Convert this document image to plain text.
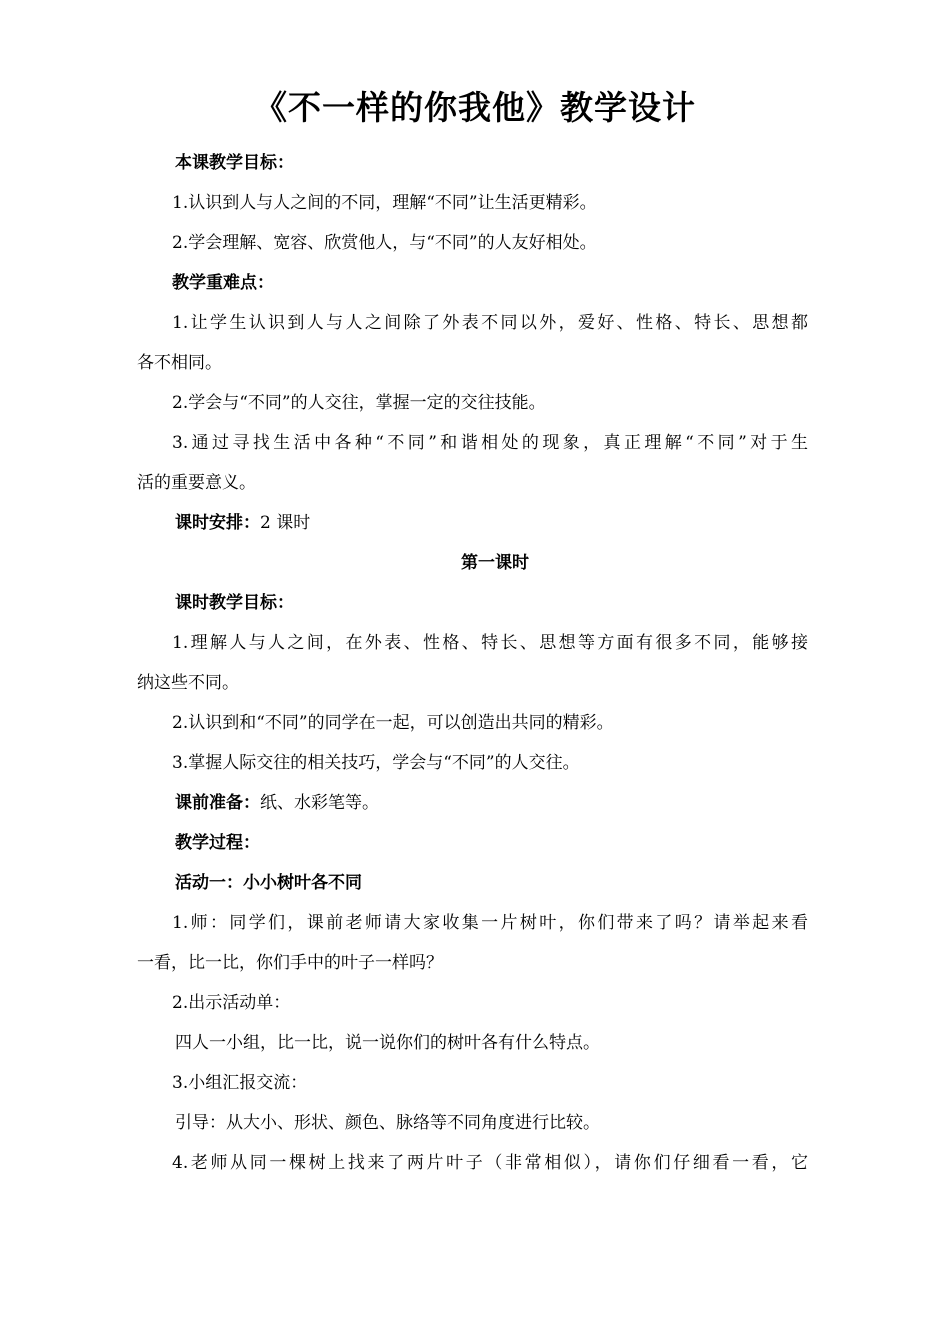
《不一样的你我他》教学设计
本课教学目标：
1.认识到人与人之间的不同，理解“不同”让生活更精彩。
2.学会理解、宽容、欣赏他人，与“不同”的人友好相处。
教学重难点：
1.让学生认识到人与人之间除了外表不同以外，爱好、性格、特长、思想都
各不相同。
2.学会与“不同”的人交往，掌握一定的交往技能。
3.通过寻找生活中各种“不同”和谐相处的现象，真正理解“不同”对于生
活的重要意义。
课时安排：2 课时
第一课时
课时教学目标：
1.理解人与人之间，在外表、性格、特长、思想等方面有很多不同，能够接
纳这些不同。
2.认识到和“不同”的同学在一起，可以创造出共同的精彩。
3.掌握人际交往的相关技巧，学会与“不同”的人交往。
课前准备：纸、水彩笔等。
教学过程：
活动一：小小树叶各不同
1.师：同学们，课前老师请大家收集一片树叶，你们带来了吗？请举起来看
一看，比一比，你们手中的叶子一样吗？
2.出示活动单：
四人一小组，比一比，说一说你们的树叶各有什么特点。
3.小组汇报交流：
引导：从大小、形状、颜色、脉络等不同角度进行比较。
4.老师从同一棵树上找来了两片叶子（非常相似），请你们仔细看一看，它
